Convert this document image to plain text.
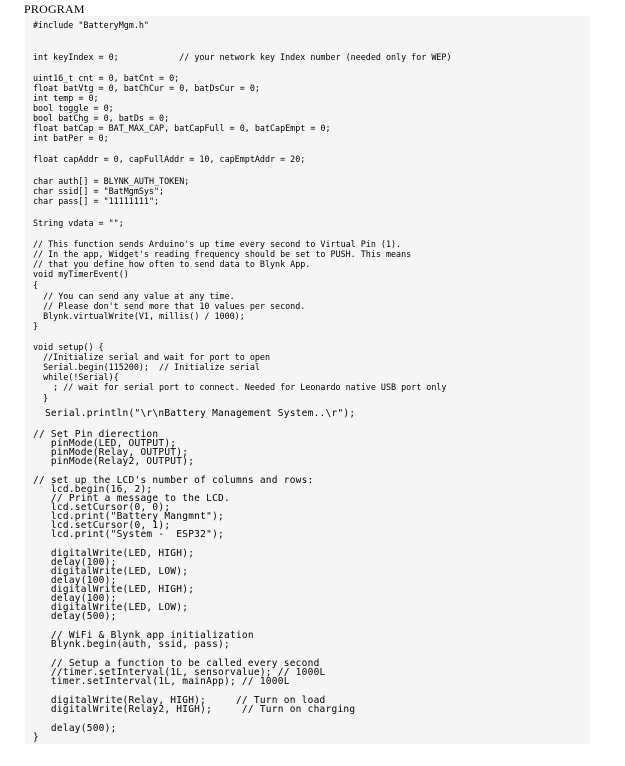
PROGRAM
#include "BatteryMgm.h"
int keyIndex = 0;            // your network key Index number (needed only for WEP)
uint16_t cnt = 0, batCnt = 0;
float batVtg = 0, batChCur = 0, batDsCur = 0;
int temp = 0;
bool toggle = 0;
bool batChg = 0, batDs = 0;
float batCap = BAT_MAX_CAP, batCapFull = 0, batCapEmpt = 0;
int batPer = 0;
float capAddr = 0, capFullAddr = 10, capEmptAddr = 20;
char auth[] = BLYNK_AUTH_TOKEN;
char ssid[] = "BatMgmSys";
char pass[] = "11111111";
String vdata = "";
// This function sends Arduino's up time every second to Virtual Pin (1).
// In the app, Widget's reading frequency should be set to PUSH. This means
// that you define how often to send data to Blynk App.
void myTimerEvent()
{
// You can send any value at any time.
// Please don't send more that 10 values per second.
Blynk.virtualWrite(V1, millis() / 1000);
}
void setup() {
//Initialize serial and wait for port to open
Serial.begin(115200);  // Initialize serial
while(!Serial){
; // wait for serial port to connect. Needed for Leonardo native USB port only
}
Serial.println("\r\nBattery Management System..\r");
// Set Pin dierection
pinMode(LED, OUTPUT);
pinMode(Relay, OUTPUT);
pinMode(Relay2, OUTPUT);
// set up the LCD's number of columns and rows:
lcd.begin(16, 2);
// Print a message to the LCD.
lcd.setCursor(0, 0);
lcd.print("Battery Mangmnt");
lcd.setCursor(0, 1);
lcd.print("System -  ESP32");
digitalWrite(LED, HIGH);
delay(100);
digitalWrite(LED, LOW);
delay(100);
digitalWrite(LED, HIGH);
delay(100);
digitalWrite(LED, LOW);
delay(500);
// WiFi & Blynk app initialization
Blynk.begin(auth, ssid, pass);
// Setup a function to be called every second
//timer.setInterval(1L, sensorvalue); // 1000L
timer.setInterval(1L, mainApp); // 1000L
digitalWrite(Relay, HIGH);     // Turn on load
digitalWrite(Relay2, HIGH);     // Turn on charging
delay(500);
}
